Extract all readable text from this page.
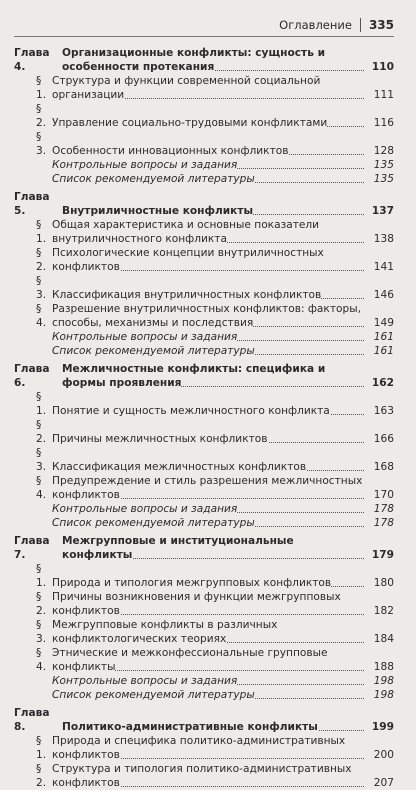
Оглавление 335
Глава 4.
Организационные конфликты: сущность и особенности протекания	110
§ 1.
Структура и функции современной социальной организации	111
§ 2. Управление социально-трудовыми конфликтами	116
§ 3. Особенности инновационных конфликтов	128
Контрольные вопросы и задания	135
Список рекомендуемой литературы	135
Глава 5.	Внутриличностные конфликты	137
§ 1.
Общая характеристика и основные показатели внутриличностного конфликта	138
§ 2.
Психологические концепции внутриличностных конфликтов	141
§ 3. Классификация внутриличностных конфликтов	146
§ 4.
Разрешение внутриличностных конфликтов: факторы, способы, механизмы и последствия	149
Контрольные вопросы и задания	161
Список рекомендуемой литературы	161
Глава 6.
Межличностные конфликты: специфика и формы проявления	162
§ 1. Понятие и сущность межличностного конфликта	163
§ 2. Причины межличностных конфликтов	166
§ 3. Классификация межличностных конфликтов	168
§ 4.
Предупреждение и стиль разрешения межличностных конфликтов	170
Контрольные вопросы и задания	178
Список рекомендуемой литературы	178
Глава 7.
Межгрупповые и институциональные конфликты	179
§ 1. Природа и типология межгрупповых конфликтов	180
§ 2.
Причины возникновения и функции межгрупповых конфликтов	182
§ 3.
Межгрупповые конфликты в различных конфликтологических теориях	184
§ 4.
Этнические и межконфессиональные групповые конфликты	188
Контрольные вопросы и задания	198
Список рекомендуемой литературы	198
Глава 8.	Политико-административные конфликты	199
§ 1.
Природа и специфика политико-административных конфликтов	200
§ 2.
Структура и типология политико-административных конфликтов	207
